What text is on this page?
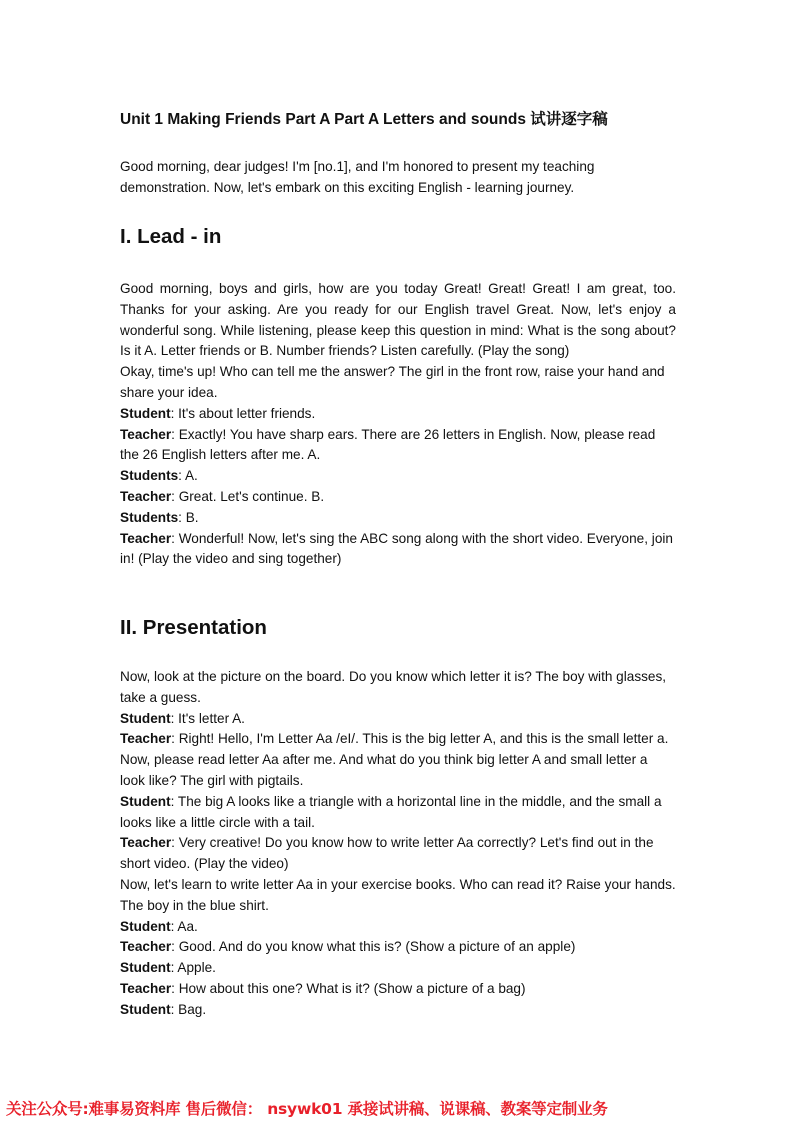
Unit 1 Making Friends Part A Part A Letters and sounds 试讲逐字稿
Good morning, dear judges! I'm [no.1], and I'm honored to present my teaching demonstration. Now, let's embark on this exciting English - learning journey.
I. Lead - in

Good morning, boys and girls, how are you today Great! Great! Great! I am great, too. Thanks for your asking. Are you ready for our English travel Great. Now, let's enjoy a wonderful song. While listening, please keep this question in mind: What is the song about? Is it A. Letter friends or B. Number friends? Listen carefully. (Play the song)

Okay, time's up! Who can tell me the answer? The girl in the front row, raise your hand and share your idea.

Student: It's about letter friends.

Teacher: Exactly! You have sharp ears. There are 26 letters in English. Now, please read the 26 English letters after me. A.

Students: A.

Teacher: Great. Let's continue. B.

Students: B.

Teacher: Wonderful! Now, let's sing the ABC song along with the short video. Everyone, join in! (Play the video and sing together)

II. Presentation

Now, look at the picture on the board. Do you know which letter it is? The boy with glasses, take a guess.

Student: It's letter A.

Teacher: Right! Hello, I'm Letter Aa /eI/. This is the big letter A, and this is the small letter a. Now, please read letter Aa after me. And what do you think big letter A and small letter a look like? The girl with pigtails.

Student: The big A looks like a triangle with a horizontal line in the middle, and the small a looks like a little circle with a tail.

Teacher: Very creative! Do you know how to write letter Aa correctly? Let's find out in the short video. (Play the video)

Now, let's learn to write letter Aa in your exercise books. Who can read it? Raise your hands. The boy in the blue shirt.

Student: Aa.

Teacher: Good. And do you know what this is? (Show a picture of an apple)

Student: Apple.

Teacher: How about this one? What is it? (Show a picture of a bag)

Student: Bag.

关注公众号:难事易资料库 售后微信： nsywk01 承接试讲稿、说课稿、教案等定制业务
